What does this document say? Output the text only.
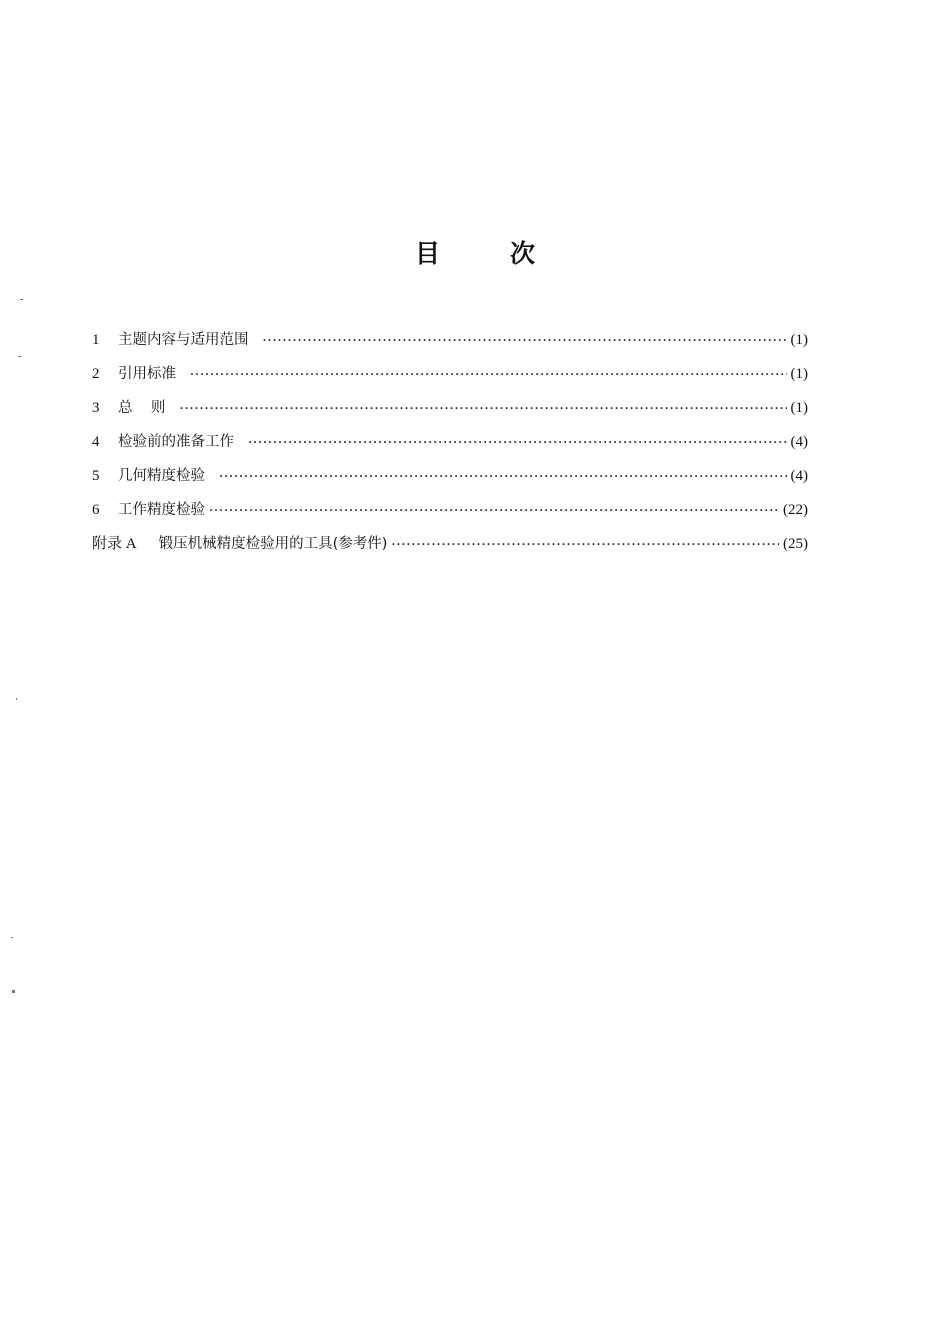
目	次
1	主题内容与适用范围 ·····	(1)
2	引用标准 ·····	(1)
3	总    则 ·····	(1)
4	检验前的准备工作 ·····	(4)
5	几何精度检验 ·····	(4)
6	工作精度检验 ·····	(22)
附录 A 锻压机械精度检验用的工具(参考件) ·····	(25)
